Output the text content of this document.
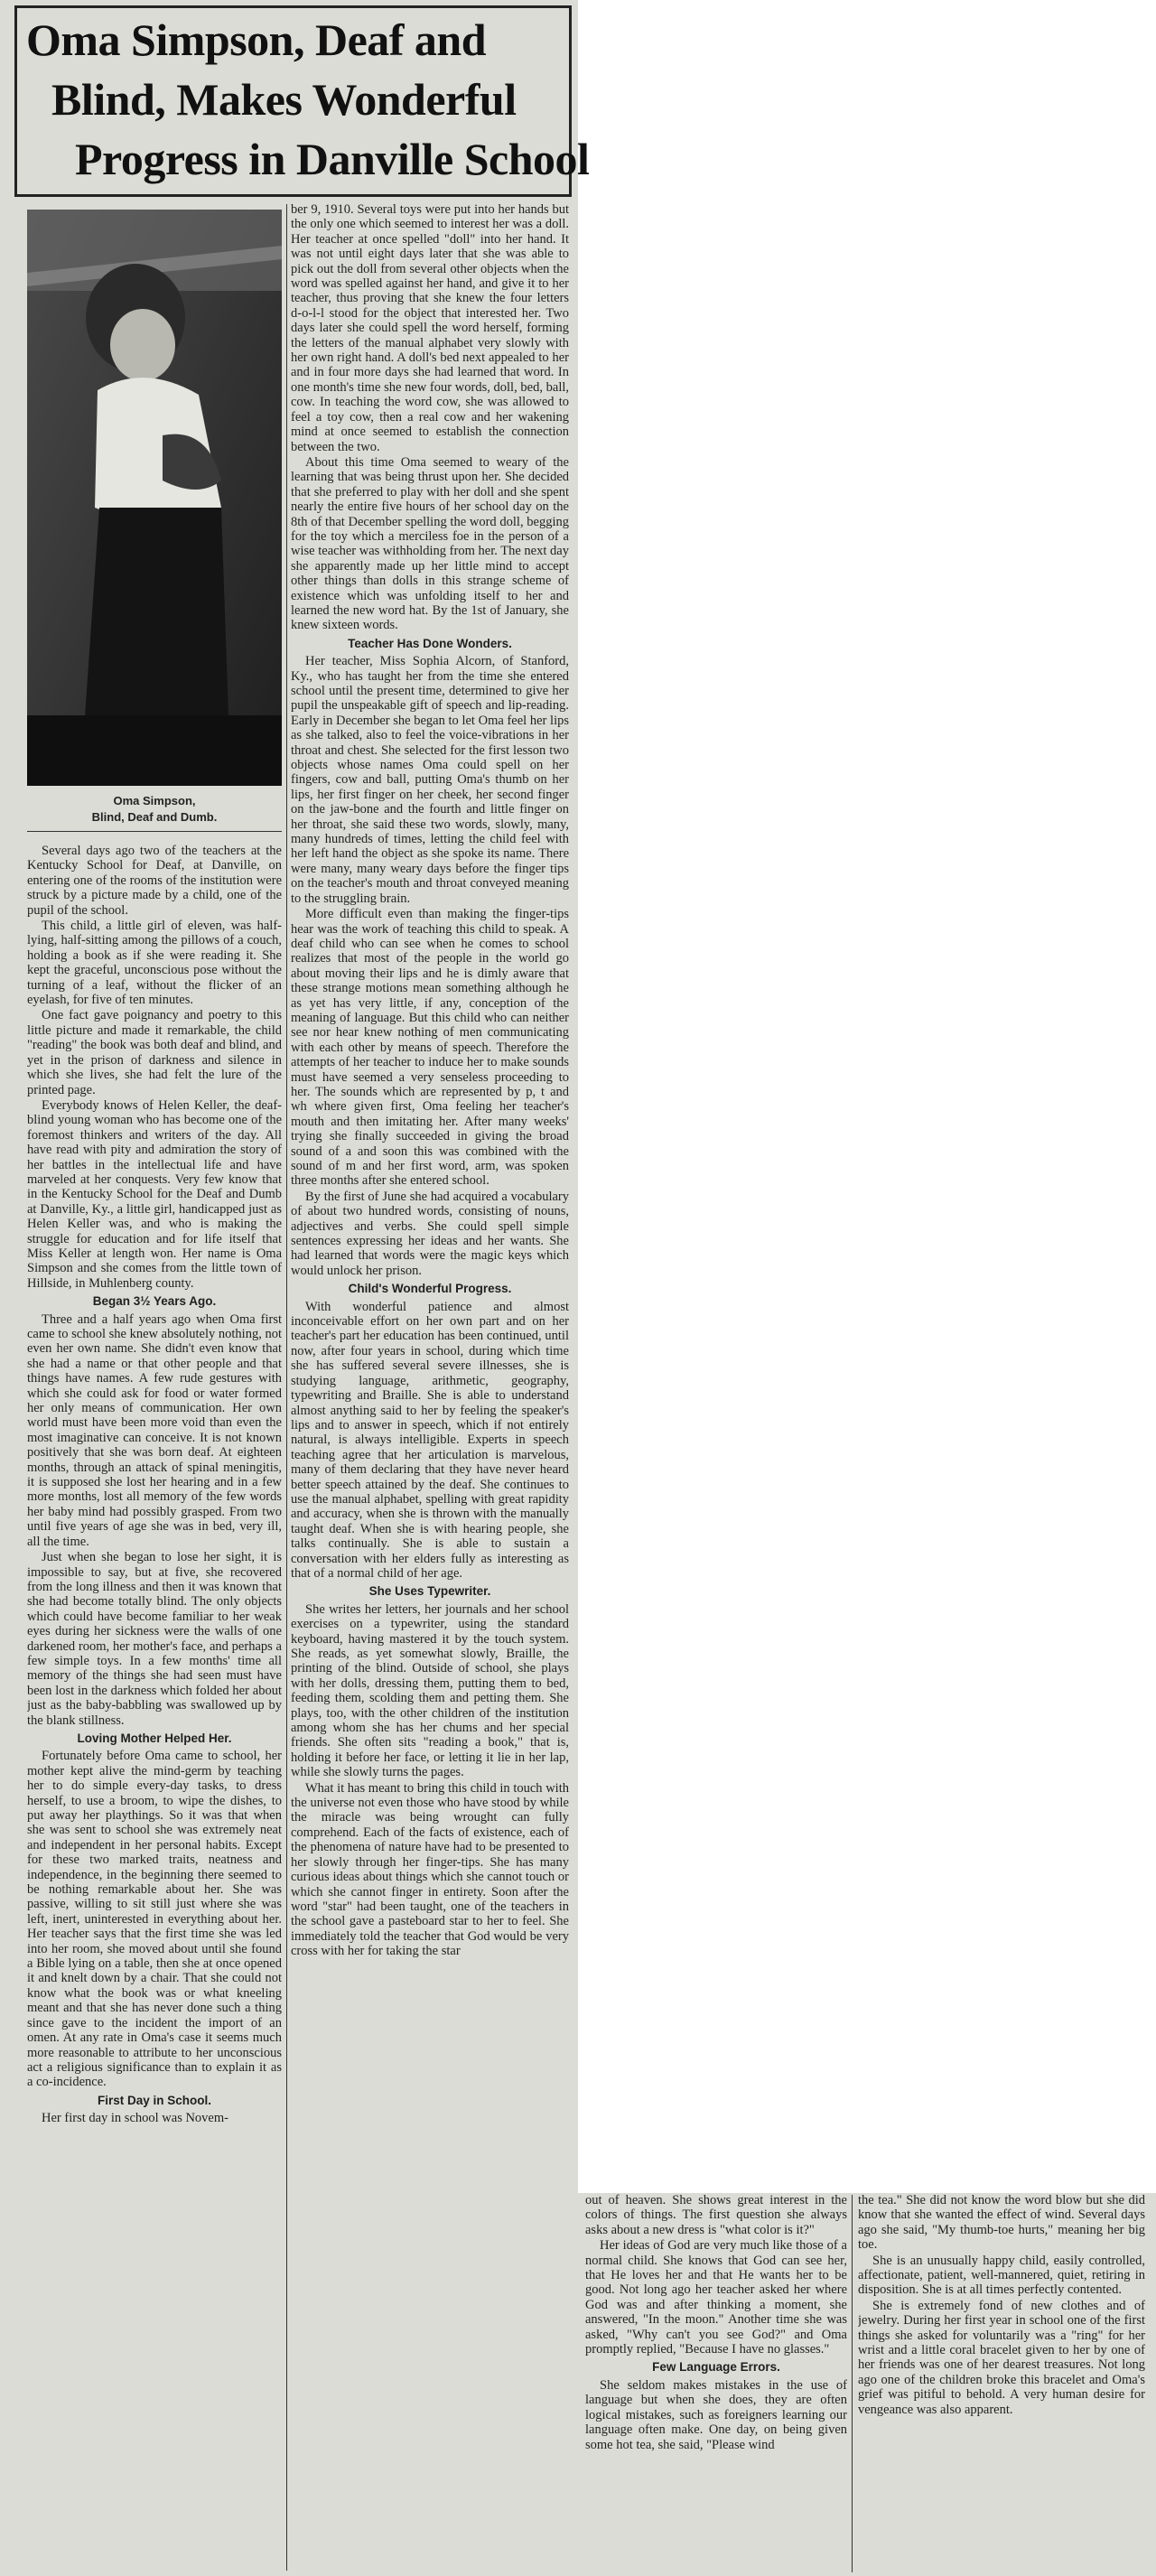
Oma Simpson, Deaf and
Blind, Makes Wonderful
Progress in Danville School
Oma Simpson,
Blind, Deaf and Dumb.

Several days ago two of the teachers at the Kentucky School for Deaf, at Danville, on entering one of the rooms of the institution were struck by a picture made by a child, one of the pupil of the school.

This child, a little girl of eleven, was half-lying, half-sitting among the pillows of a couch, holding a book as if she were reading it. She kept the graceful, unconscious pose without the turning of a leaf, without the flicker of an eyelash, for five of ten minutes.

One fact gave poignancy and poetry to this little picture and made it remarkable, the child "reading" the book was both deaf and blind, and yet in the prison of darkness and silence in which she lives, she had felt the lure of the printed page.

Everybody knows of Helen Keller, the deaf-blind young woman who has become one of the foremost thinkers and writers of the day. All have read with pity and admiration the story of her battles in the intellectual life and have marveled at her conquests. Very few know that in the Kentucky School for the Deaf and Dumb at Danville, Ky., a little girl, handicapped just as Helen Keller was, and who is making the struggle for education and for life itself that Miss Keller at length won. Her name is Oma Simpson and she comes from the little town of Hillside, in Muhlenberg county.

Began 3½ Years Ago.

Three and a half years ago when Oma first came to school she knew absolutely nothing, not even her own name. She didn't even know that she had a name or that other people and that things have names. A few rude gestures with which she could ask for food or water formed her only means of communication. Her own world must have been more void than even the most imaginative can conceive. It is not known positively that she was born deaf. At eighteen months, through an attack of spinal meningitis, it is supposed she lost her hearing and in a few more months, lost all memory of the few words her baby mind had possibly grasped. From two until five years of age she was in bed, very ill, all the time.

Just when she began to lose her sight, it is impossible to say, but at five, she recovered from the long illness and then it was known that she had become totally blind. The only objects which could have become familiar to her weak eyes during her sickness were the walls of one darkened room, her mother's face, and perhaps a few simple toys. In a few months' time all memory of the things she had seen must have been lost in the darkness which folded her about just as the baby-babbling was swallowed up by the blank stillness.

Loving Mother Helped Her.

Fortunately before Oma came to school, her mother kept alive the mind-germ by teaching her to do simple every-day tasks, to dress herself, to use a broom, to wipe the dishes, to put away her playthings. So it was that when she was sent to school she was extremely neat and independent in her personal habits. Except for these two marked traits, neatness and independence, in the beginning there seemed to be nothing remarkable about her. She was passive, willing to sit still just where she was left, inert, uninterested in everything about her. Her teacher says that the first time she was led into her room, she moved about until she found a Bible lying on a table, then she at once opened it and knelt down by a chair. That she could not know what the book was or what kneeling meant and that she has never done such a thing since gave to the incident the import of an omen. At any rate in Oma's case it seems much more reasonable to attribute to her unconscious act a religious significance than to explain it as a co-incidence.

First Day in School.

Her first day in school was Novem-

ber 9, 1910. Several toys were put into her hands but the only one which seemed to interest her was a doll. Her teacher at once spelled "doll" into her hand. It was not until eight days later that she was able to pick out the doll from several other objects when the word was spelled against her hand, and give it to her teacher, thus proving that she knew the four letters d-o-l-l stood for the object that interested her. Two days later she could spell the word herself, forming the letters of the manual alphabet very slowly with her own right hand. A doll's bed next appealed to her and in four more days she had learned that word. In one month's time she new four words, doll, bed, ball, cow. In teaching the word cow, she was allowed to feel a toy cow, then a real cow and her wakening mind at once seemed to establish the connection between the two.

About this time Oma seemed to weary of the learning that was being thrust upon her. She decided that she preferred to play with her doll and she spent nearly the entire five hours of her school day on the 8th of that December spelling the word doll, begging for the toy which a merciless foe in the person of a wise teacher was withholding from her. The next day she apparently made up her little mind to accept other things than dolls in this strange scheme of existence which was unfolding itself to her and learned the new word hat. By the 1st of January, she knew sixteen words.

Teacher Has Done Wonders.

Her teacher, Miss Sophia Alcorn, of Stanford, Ky., who has taught her from the time she entered school until the present time, determined to give her pupil the unspeakable gift of speech and lip-reading. Early in December she began to let Oma feel her lips as she talked, also to feel the voice-vibrations in her throat and chest. She selected for the first lesson two objects whose names Oma could spell on her fingers, cow and ball, putting Oma's thumb on her lips, her first finger on her cheek, her second finger on the jaw-bone and the fourth and little finger on her throat, she said these two words, slowly, many, many hundreds of times, letting the child feel with her left hand the object as she spoke its name. There were many, many weary days before the finger tips on the teacher's mouth and throat conveyed meaning to the struggling brain.

More difficult even than making the finger-tips hear was the work of teaching this child to speak. A deaf child who can see when he comes to school realizes that most of the people in the world go about moving their lips and he is dimly aware that these strange motions mean something although he as yet has very little, if any, conception of the meaning of language. But this child who can neither see nor hear knew nothing of men communicating with each other by means of speech. Therefore the attempts of her teacher to induce her to make sounds must have seemed a very senseless proceeding to her. The sounds which are represented by p, t and wh where given first, Oma feeling her teacher's mouth and then imitating her. After many weeks' trying she finally succeeded in giving the broad sound of a and soon this was combined with the sound of m and her first word, arm, was spoken three months after she entered school.

By the first of June she had acquired a vocabulary of about two hundred words, consisting of nouns, adjectives and verbs. She could spell simple sentences expressing her ideas and her wants. She had learned that words were the magic keys which would unlock her prison.

Child's Wonderful Progress.

With wonderful patience and almost inconceivable effort on her own part and on her teacher's part her education has been continued, until now, after four years in school, during which time she has suffered several severe illnesses, she is studying language, arithmetic, geography, typewriting and Braille. She is able to understand almost anything said to her by feeling the speaker's lips and to answer in speech, which if not entirely natural, is always intelligible. Experts in speech teaching agree that her articulation is marvelous, many of them declaring that they have never heard better speech attained by the deaf. She continues to use the manual alphabet, spelling with great rapidity and accuracy, when she is thrown with the manually taught deaf. When she is with hearing people, she talks continually. She is able to sustain a conversation with her elders fully as interesting as that of a normal child of her age.

She Uses Typewriter.

She writes her letters, her journals and her school exercises on a typewriter, using the standard keyboard, having mastered it by the touch system. She reads, as yet somewhat slowly, Braille, the printing of the blind. Outside of school, she plays with her dolls, dressing them, putting them to bed, feeding them, scolding them and petting them. She plays, too, with the other children of the institution among whom she has her chums and her special friends. She often sits "reading a book," that is, holding it before her face, or letting it lie in her lap, while she slowly turns the pages.

What it has meant to bring this child in touch with the universe not even those who have stood by while the miracle was being wrought can fully comprehend. Each of the facts of existence, each of the phenomena of nature have had to be presented to her slowly through her finger-tips. She has many curious ideas about things which she cannot touch or which she cannot finger in entirety. Soon after the word "star" had been taught, one of the teachers in the school gave a pasteboard star to her to feel. She immediately told the teacher that God would be very cross with her for taking the star

out of heaven. She shows great interest in the colors of things. The first question she always asks about a new dress is "what color is it?"

Her ideas of God are very much like those of a normal child. She knows that God can see her, that He loves her and that He wants her to be good. Not long ago her teacher asked her where God was and after thinking a moment, she answered, "In the moon." Another time she was asked, "Why can't you see God?" and Oma promptly replied, "Because I have no glasses."

Few Language Errors.

She seldom makes mistakes in the use of language but when she does, they are often logical mistakes, such as foreigners learning our language often make. One day, on being given some hot tea, she said, "Please wind

the tea." She did not know the word blow but she did know that she wanted the effect of wind. Several days ago she said, "My thumb-toe hurts," meaning her big toe.

She is an unusually happy child, easily controlled, affectionate, patient, well-mannered, quiet, retiring in disposition. She is at all times perfectly contented.

She is extremely fond of new clothes and of jewelry. During her first year in school one of the first things she asked for voluntarily was a "ring" for her wrist and a little coral bracelet given to her by one of her friends was one of her dearest treasures. Not long ago one of the children broke this bracelet and Oma's grief was pitiful to behold. A very human desire for vengeance was also apparent.
